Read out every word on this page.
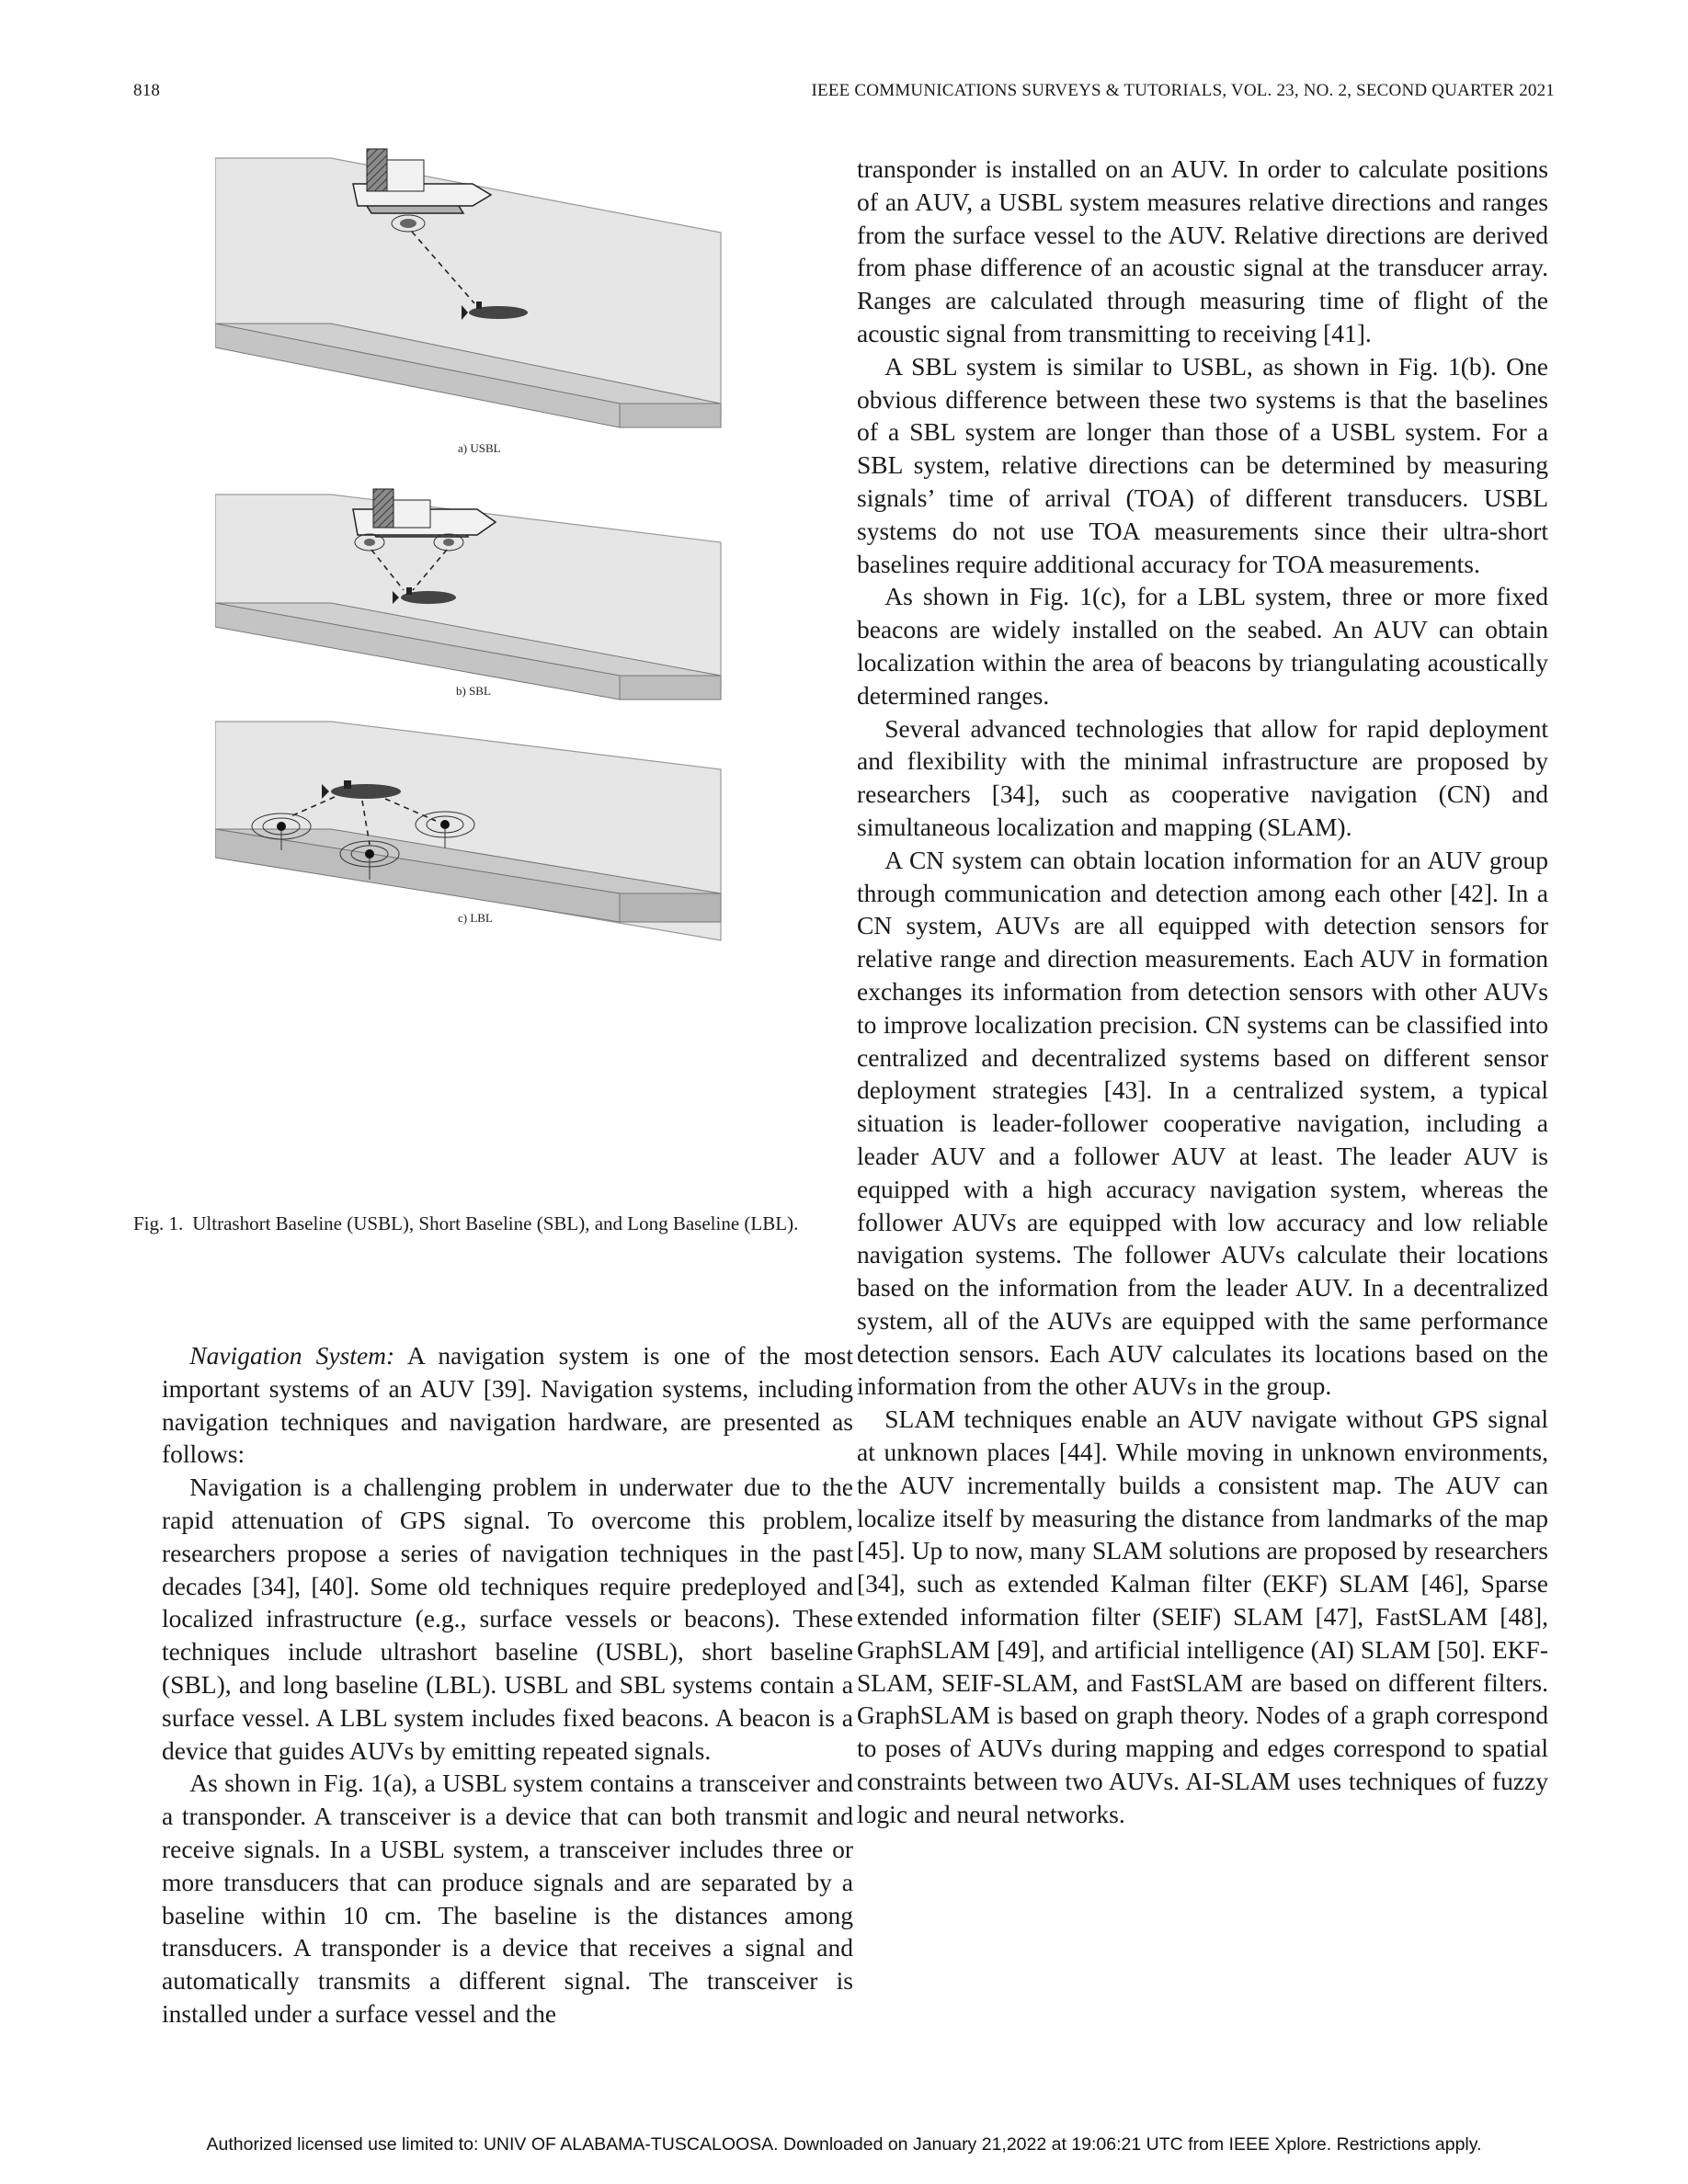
818	IEEE COMMUNICATIONS SURVEYS & TUTORIALS, VOL. 23, NO. 2, SECOND QUARTER 2021
a) USBL
b) SBL
c) LBL
Fig. 1. Ultrashort Baseline (USBL), Short Baseline (SBL), and Long Baseline (LBL).

Navigation System: A navigation system is one of the most important systems of an AUV [39]. Navigation systems, including navigation techniques and navigation hardware, are presented as follows:

Navigation is a challenging problem in underwater due to the rapid attenuation of GPS signal. To overcome this problem, researchers propose a series of navigation techniques in the past decades [34], [40]. Some old techniques require predeployed and localized infrastructure (e.g., surface vessels or beacons). These techniques include ultrashort baseline (USBL), short baseline (SBL), and long baseline (LBL). USBL and SBL systems contain a surface vessel. A LBL system includes fixed beacons. A beacon is a device that guides AUVs by emitting repeated signals.

As shown in Fig. 1(a), a USBL system contains a transceiver and a transponder. A transceiver is a device that can both transmit and receive signals. In a USBL system, a transceiver includes three or more transducers that can produce signals and are separated by a baseline within 10 cm. The baseline is the distances among transducers. A transponder is a device that receives a signal and automatically transmits a different signal. The transceiver is installed under a surface vessel and the

transponder is installed on an AUV. In order to calculate positions of an AUV, a USBL system measures relative directions and ranges from the surface vessel to the AUV. Relative directions are derived from phase difference of an acoustic signal at the transducer array. Ranges are calculated through measuring time of flight of the acoustic signal from transmitting to receiving [41].

A SBL system is similar to USBL, as shown in Fig. 1(b). One obvious difference between these two systems is that the baselines of a SBL system are longer than those of a USBL system. For a SBL system, relative directions can be determined by measuring signals’ time of arrival (TOA) of different transducers. USBL systems do not use TOA measurements since their ultra-short baselines require additional accuracy for TOA measurements.

As shown in Fig. 1(c), for a LBL system, three or more fixed beacons are widely installed on the seabed. An AUV can obtain localization within the area of beacons by triangulating acoustically determined ranges.

Several advanced technologies that allow for rapid deployment and flexibility with the minimal infrastructure are proposed by researchers [34], such as cooperative navigation (CN) and simultaneous localization and mapping (SLAM).

A CN system can obtain location information for an AUV group through communication and detection among each other [42]. In a CN system, AUVs are all equipped with detection sensors for relative range and direction measurements. Each AUV in formation exchanges its information from detection sensors with other AUVs to improve localization precision. CN systems can be classified into centralized and decentralized systems based on different sensor deployment strategies [43]. In a centralized system, a typical situation is leader-follower cooperative navigation, including a leader AUV and a follower AUV at least. The leader AUV is equipped with a high accuracy navigation system, whereas the follower AUVs are equipped with low accuracy and low reliable navigation systems. The follower AUVs calculate their locations based on the information from the leader AUV. In a decentralized system, all of the AUVs are equipped with the same performance detection sensors. Each AUV calculates its locations based on the information from the other AUVs in the group.

SLAM techniques enable an AUV navigate without GPS signal at unknown places [44]. While moving in unknown environments, the AUV incrementally builds a consistent map. The AUV can localize itself by measuring the distance from landmarks of the map [45]. Up to now, many SLAM solutions are proposed by researchers [34], such as extended Kalman filter (EKF) SLAM [46], Sparse extended information filter (SEIF) SLAM [47], FastSLAM [48], GraphSLAM [49], and artificial intelligence (AI) SLAM [50]. EKF-SLAM, SEIF-SLAM, and FastSLAM are based on different filters. GraphSLAM is based on graph theory. Nodes of a graph correspond to poses of AUVs during mapping and edges correspond to spatial constraints between two AUVs. AI-SLAM uses techniques of fuzzy logic and neural networks.

Authorized licensed use limited to: UNIV OF ALABAMA-TUSCALOOSA. Downloaded on January 21,2022 at 19:06:21 UTC from IEEE Xplore. Restrictions apply.
